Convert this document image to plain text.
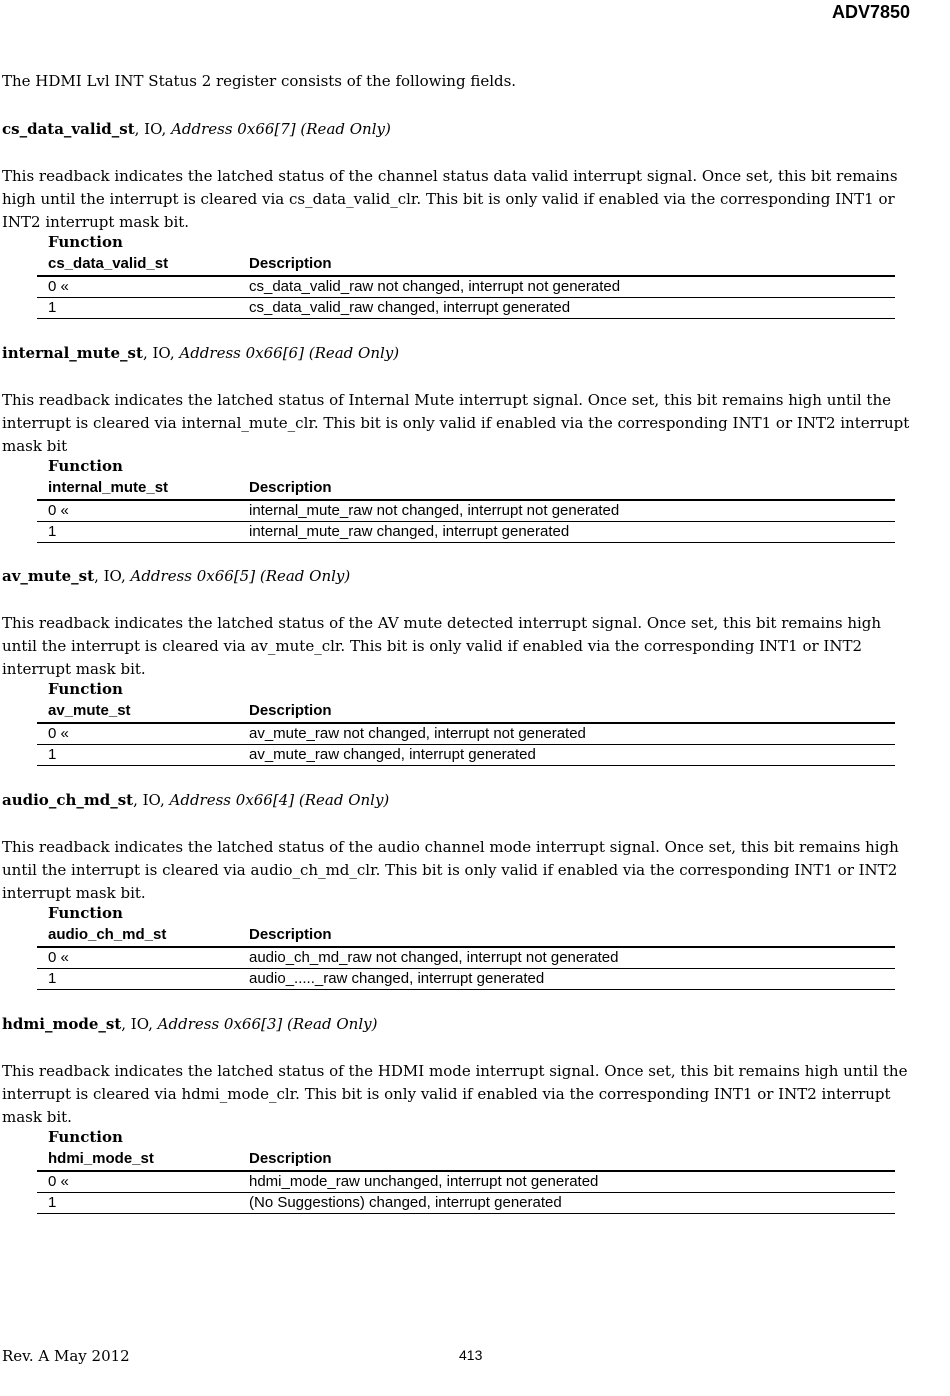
ADV7850
The HDMI Lvl INT Status 2 register consists of the following fields.
cs_data_valid_st, IO, Address 0x66[7] (Read Only)
This readback indicates the latched status of the channel status data valid interrupt signal. Once set, this bit remains high until the interrupt is cleared via cs_data_valid_clr. This bit is only valid if enabled via the corresponding INT1 or INT2 interrupt mask bit.
Function
cs_data_valid_st	Description
0 «	cs_data_valid_raw not changed, interrupt not generated
1	cs_data_valid_raw changed, interrupt generated
internal_mute_st, IO, Address 0x66[6] (Read Only)
This readback indicates the latched status of Internal Mute interrupt signal. Once set, this bit remains high until the interrupt is cleared via internal_mute_clr. This bit is only valid if enabled via the corresponding INT1 or INT2 interrupt mask bit
Function
internal_mute_st	Description
0 «	internal_mute_raw not changed, interrupt not generated
1	internal_mute_raw changed, interrupt generated
av_mute_st, IO, Address 0x66[5] (Read Only)
This readback indicates the latched status of the AV mute detected interrupt signal. Once set, this bit remains high until the interrupt is cleared via av_mute_clr. This bit is only valid if enabled via the corresponding INT1 or INT2 interrupt mask bit.
Function
av_mute_st	Description
0 «	av_mute_raw not changed, interrupt not generated
1	av_mute_raw changed, interrupt generated
audio_ch_md_st, IO, Address 0x66[4] (Read Only)
This readback indicates the latched status of the audio channel mode interrupt signal. Once set, this bit remains high until the interrupt is cleared via audio_ch_md_clr. This bit is only valid if enabled via the corresponding INT1 or INT2 interrupt mask bit.
Function
audio_ch_md_st	Description
0 «	audio_ch_md_raw not changed, interrupt not generated
1	audio_....._raw changed, interrupt generated
hdmi_mode_st, IO, Address 0x66[3] (Read Only)
This readback indicates the latched status of the HDMI mode interrupt signal. Once set, this bit remains high until the interrupt is cleared via hdmi_mode_clr. This bit is only valid if enabled via the corresponding INT1 or INT2 interrupt mask bit.
Function
hdmi_mode_st	Description
0 «	hdmi_mode_raw unchanged, interrupt not generated
1	(No Suggestions) changed, interrupt generated
Rev. A May 2012	413
